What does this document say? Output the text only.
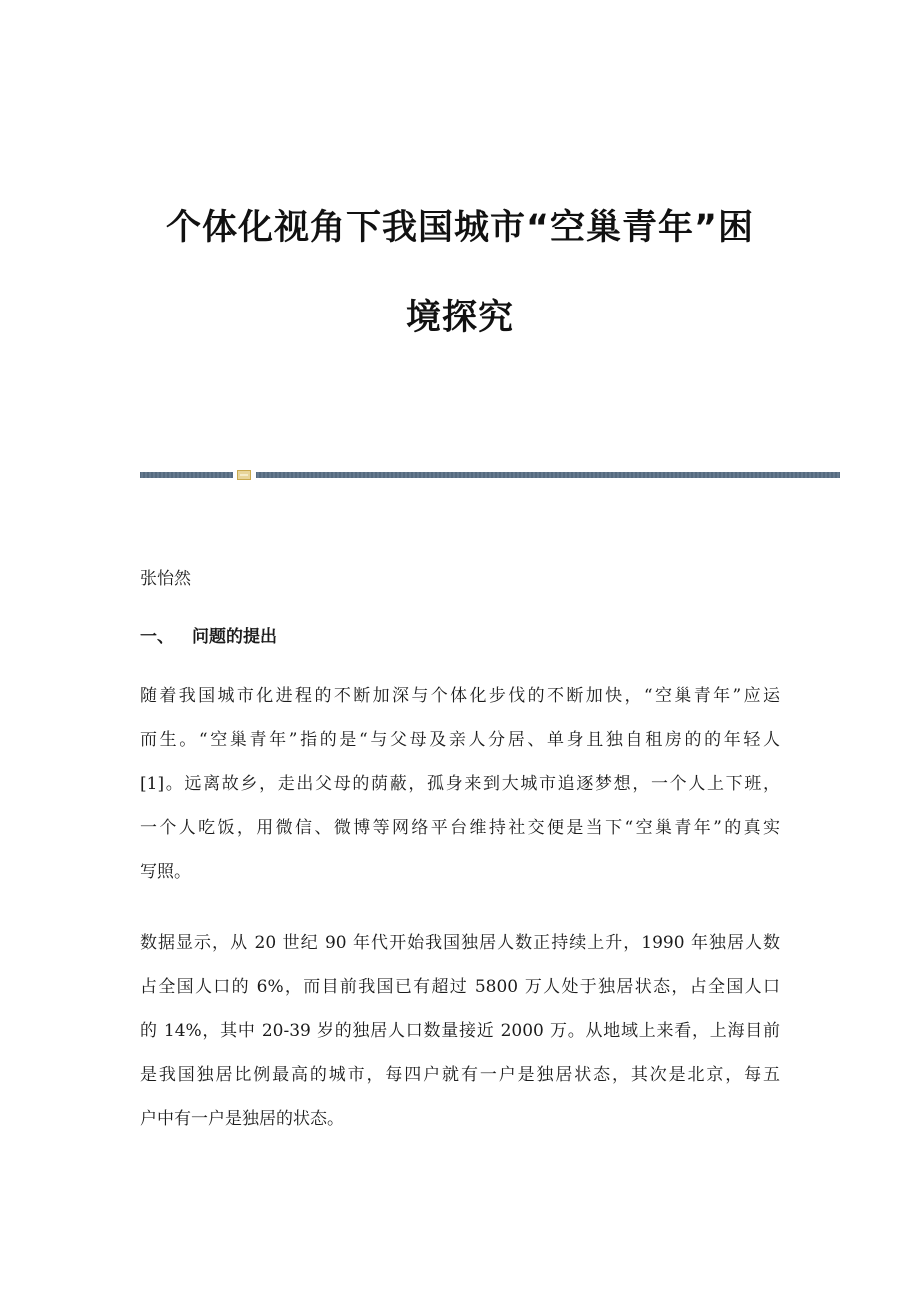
个体化视角下我国城市“空巢青年”困
境探究
张怡然
一、 问题的提出
随着我国城市化进程的不断加深与个体化步伐的不断加快，“空巢青年”应运
而生。“空巢青年”指的是“与父母及亲人分居、单身且独自租房的的年轻人
[1]。远离故乡，走出父母的荫蔽，孤身来到大城市追逐梦想，一个人上下班，
一个人吃饭，用微信、微博等网络平台维持社交便是当下“空巢青年”的真实
写照。
数据显示，从 20 世纪 90 年代开始我国独居人数正持续上升，1990 年独居人数
占全国人口的 6%，而目前我国已有超过 5800 万人处于独居状态，占全国人口
的 14%，其中 20-39 岁的独居人口数量接近 2000 万。从地域上来看，上海目前
是我国独居比例最高的城市，每四户就有一户是独居状态，其次是北京，每五
户中有一户是独居的状态。
